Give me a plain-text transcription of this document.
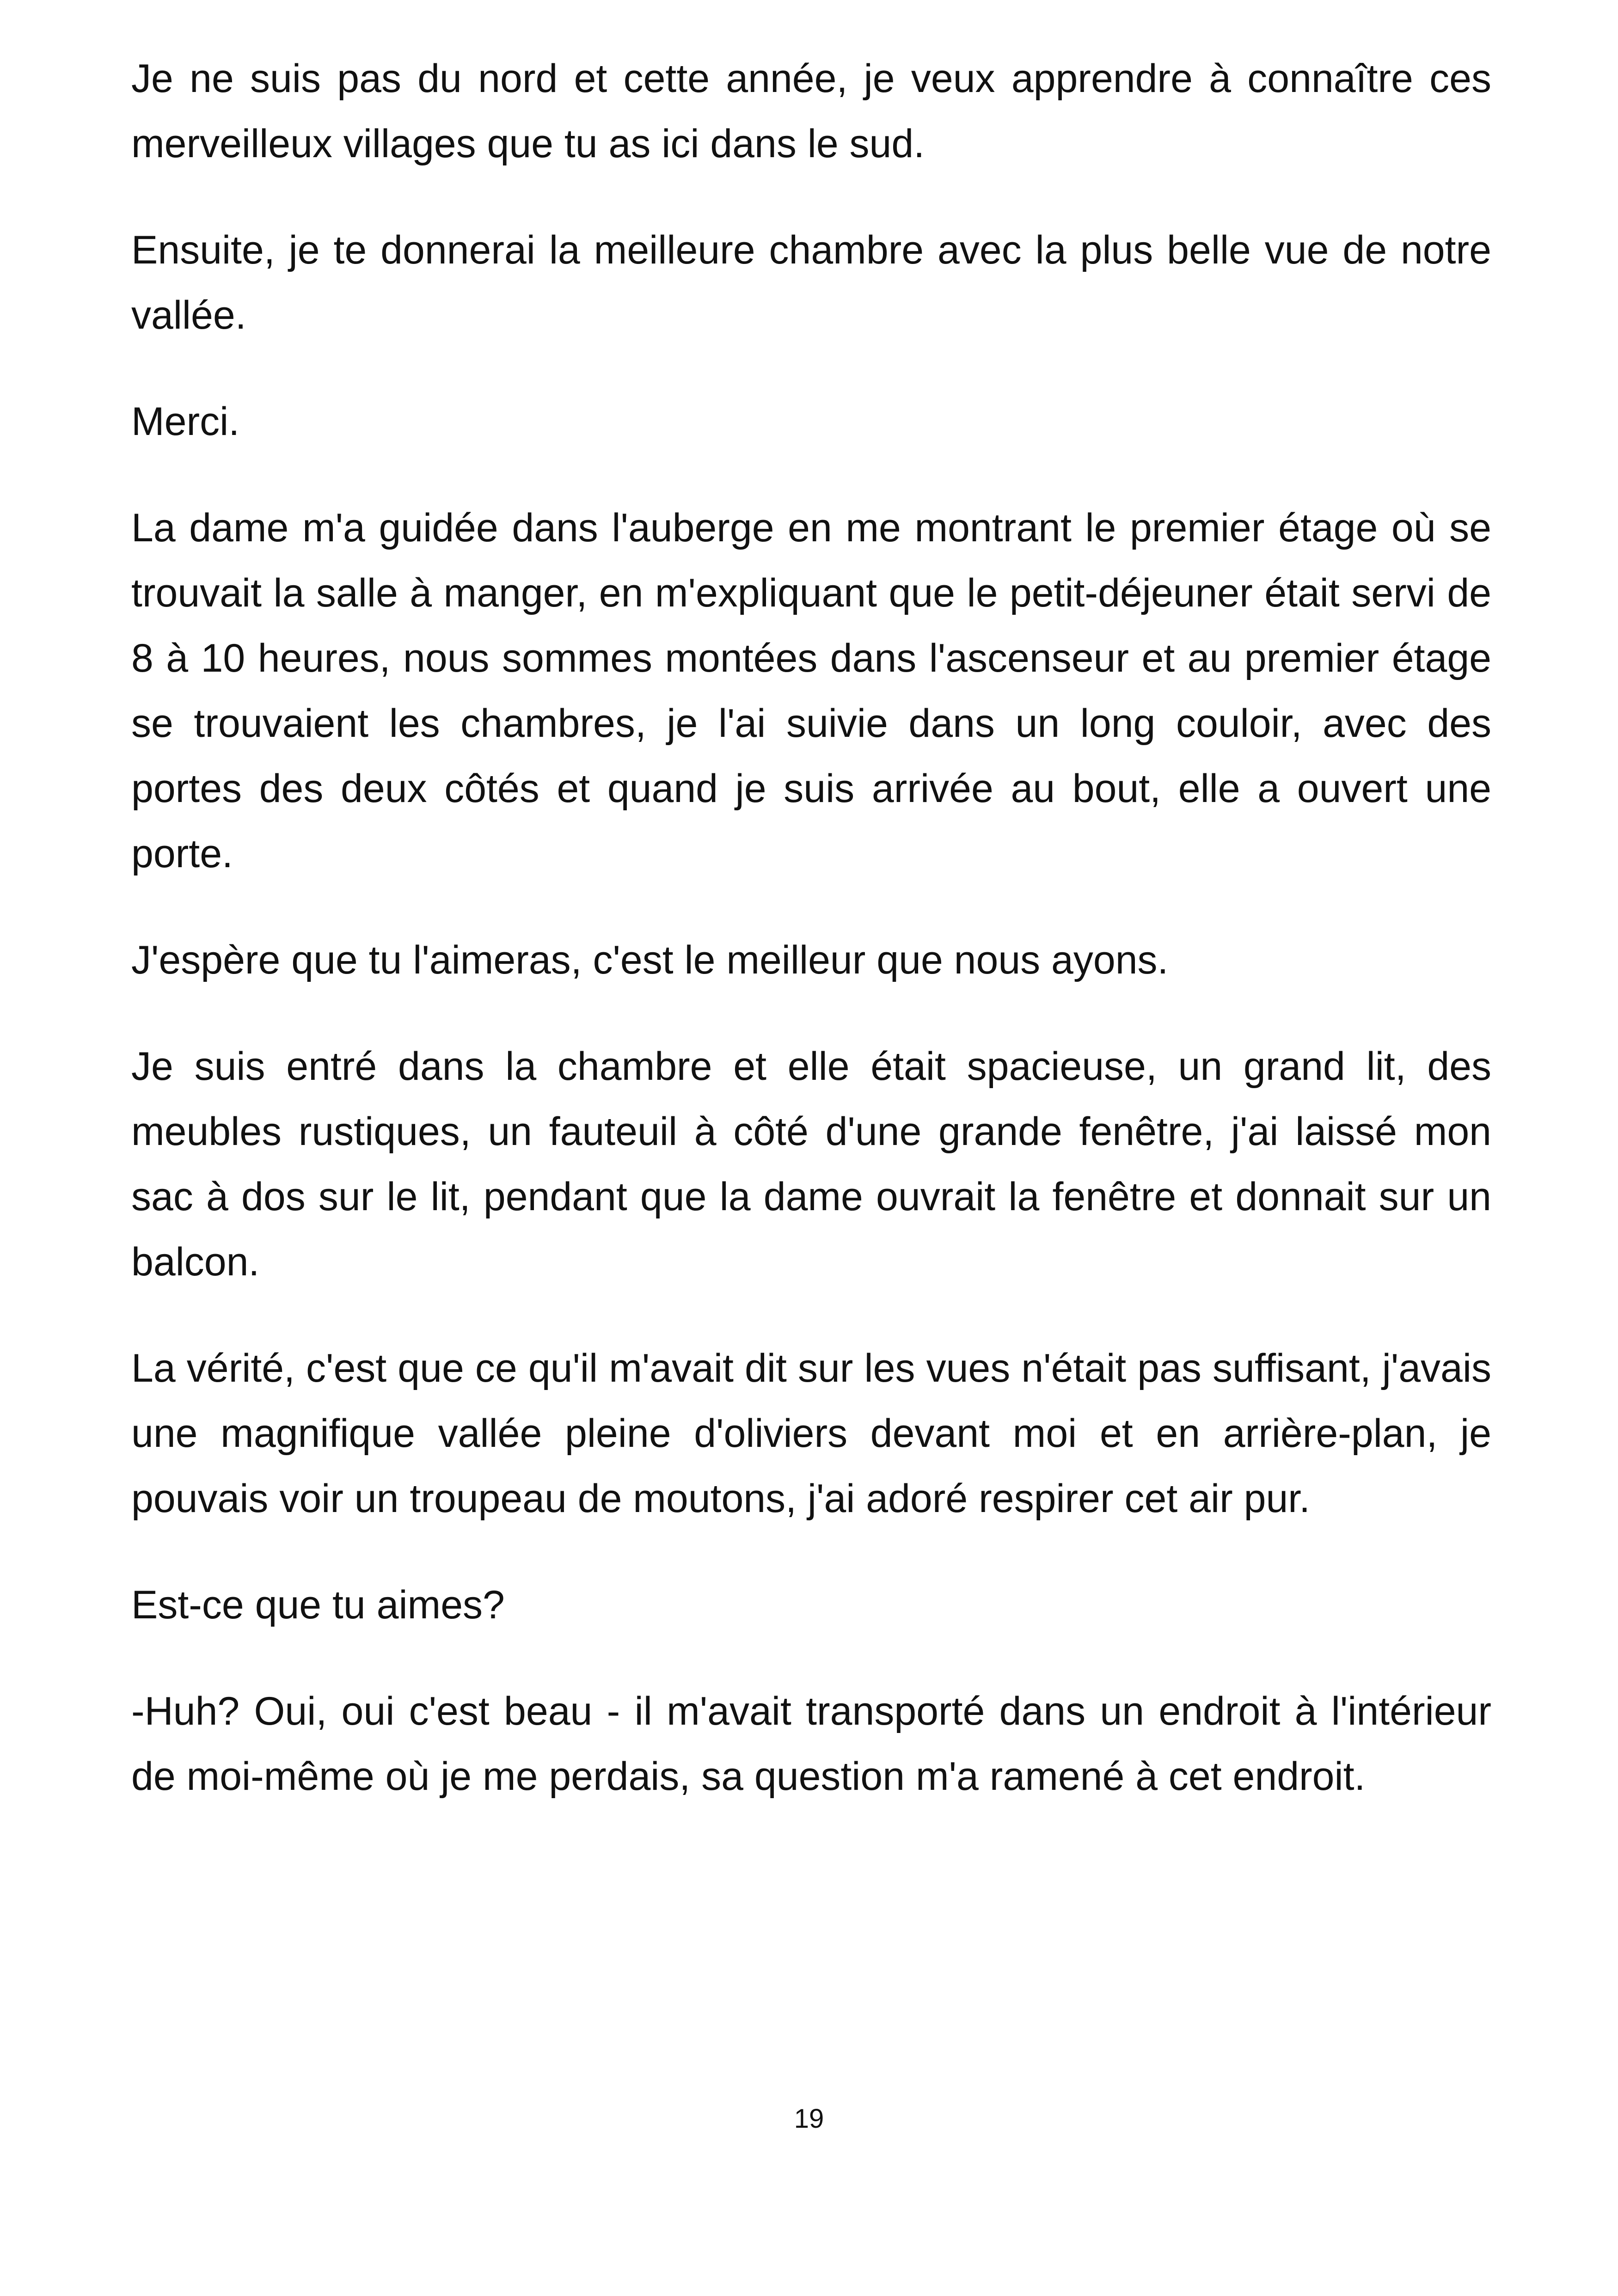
Je ne suis pas du nord et cette année, je veux apprendre à connaître ces merveilleux villages que tu as ici dans le sud.

Ensuite, je te donnerai la meilleure chambre avec la plus belle vue de notre vallée.

Merci.

La dame m'a guidée dans l'auberge en me montrant le premier étage où se trouvait la salle à manger, en m'expliquant que le petit-déjeuner était servi de 8 à 10 heures, nous sommes montées dans l'ascenseur et au premier étage se trouvaient les chambres, je l'ai suivie dans un long couloir, avec des portes des deux côtés et quand je suis arrivée au bout, elle a ouvert une porte.

J'espère que tu l'aimeras, c'est le meilleur que nous ayons.

Je suis entré dans la chambre et elle était spacieuse, un grand lit, des meubles rustiques, un fauteuil à côté d'une grande fenêtre, j'ai laissé mon sac à dos sur le lit, pendant que la dame ouvrait la fenêtre et donnait sur un balcon.

La vérité, c'est que ce qu'il m'avait dit sur les vues n'était pas suffisant, j'avais une magnifique vallée pleine d'oliviers devant moi et en arrière-plan, je pouvais voir un troupeau de moutons, j'ai adoré respirer cet air pur.

Est-ce que tu aimes?

-Huh? Oui, oui c'est beau - il m'avait transporté dans un endroit à l'intérieur de moi-même où je me perdais, sa question m'a ramené à cet endroit.

19
